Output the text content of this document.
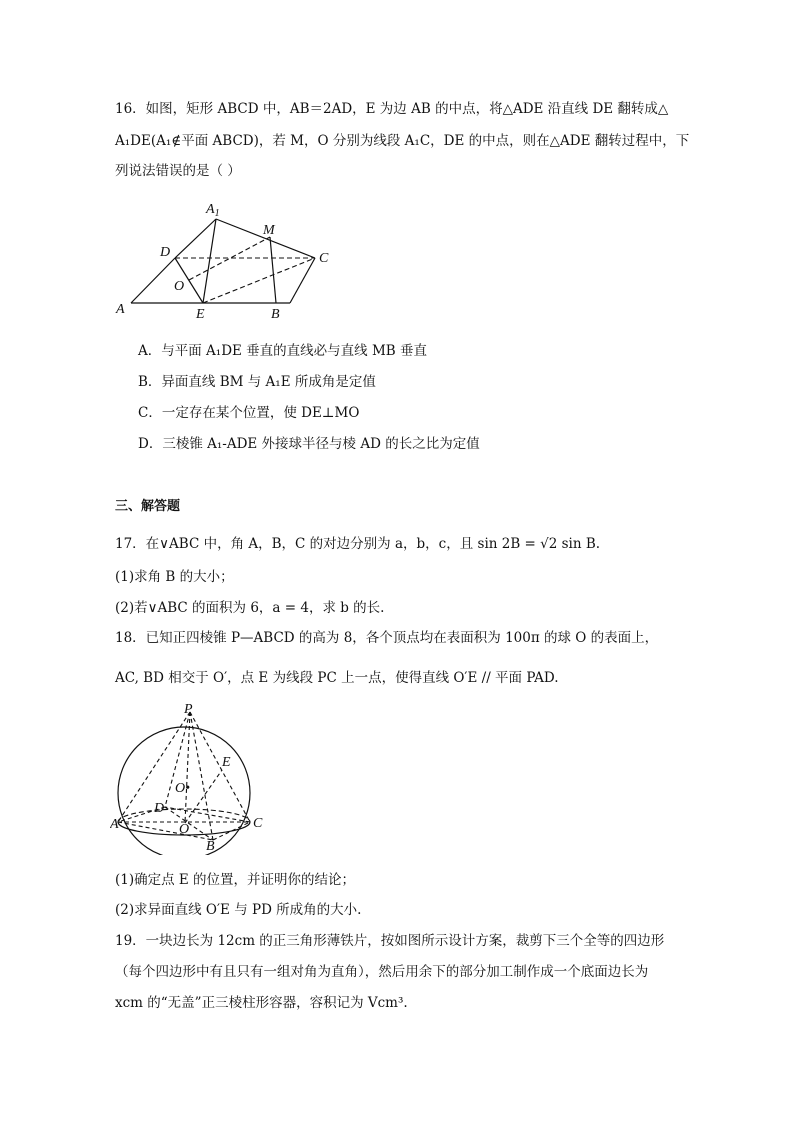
16．如图，矩形 ABCD 中，AB＝2AD，E 为边 AB 的中点，将△ADE 沿直线 DE 翻转成△
A₁DE(A₁∉平面 ABCD)，若 M，O 分别为线段 A₁C，DE 的中点，则在△ADE 翻转过程中，下
列说法错误的是（ ）
$A_1$
M
D	C
O
A	E	B
A．与平面 A₁DE 垂直的直线必与直线 MB 垂直
B．异面直线 BM 与 A₁E 所成角是定值
C．一定存在某个位置，使 DE⊥MO
D．三棱锥 A₁-ADE 外接球半径与棱 AD 的长之比为定值
三、解答题
17．在∨ABC 中，角 A，B，C 的对边分别为 a，b，c，且 sin 2B = √2 sin B.
(1)求角 B 的大小；
(2)若∨ABC 的面积为 6，a = 4，求 b 的长.
18．已知正四棱锥 P—ABCD 的高为 8，各个顶点均在表面积为 100π 的球 O 的表面上，
AC, BD 相交于 O′，点 E 为线段 PC 上一点，使得直线 O′E // 平面 PAD.
P
E
O•
D
A	O	C
B
(1)确定点 E 的位置，并证明你的结论；
(2)求异面直线 O′E 与 PD 所成角的大小.
19．一块边长为 12cm 的正三角形薄铁片，按如图所示设计方案，裁剪下三个全等的四边形
（每个四边形中有且只有一组对角为直角），然后用余下的部分加工制作成一个底面边长为
xcm 的“无盖”正三棱柱形容器，容积记为 Vcm³.
